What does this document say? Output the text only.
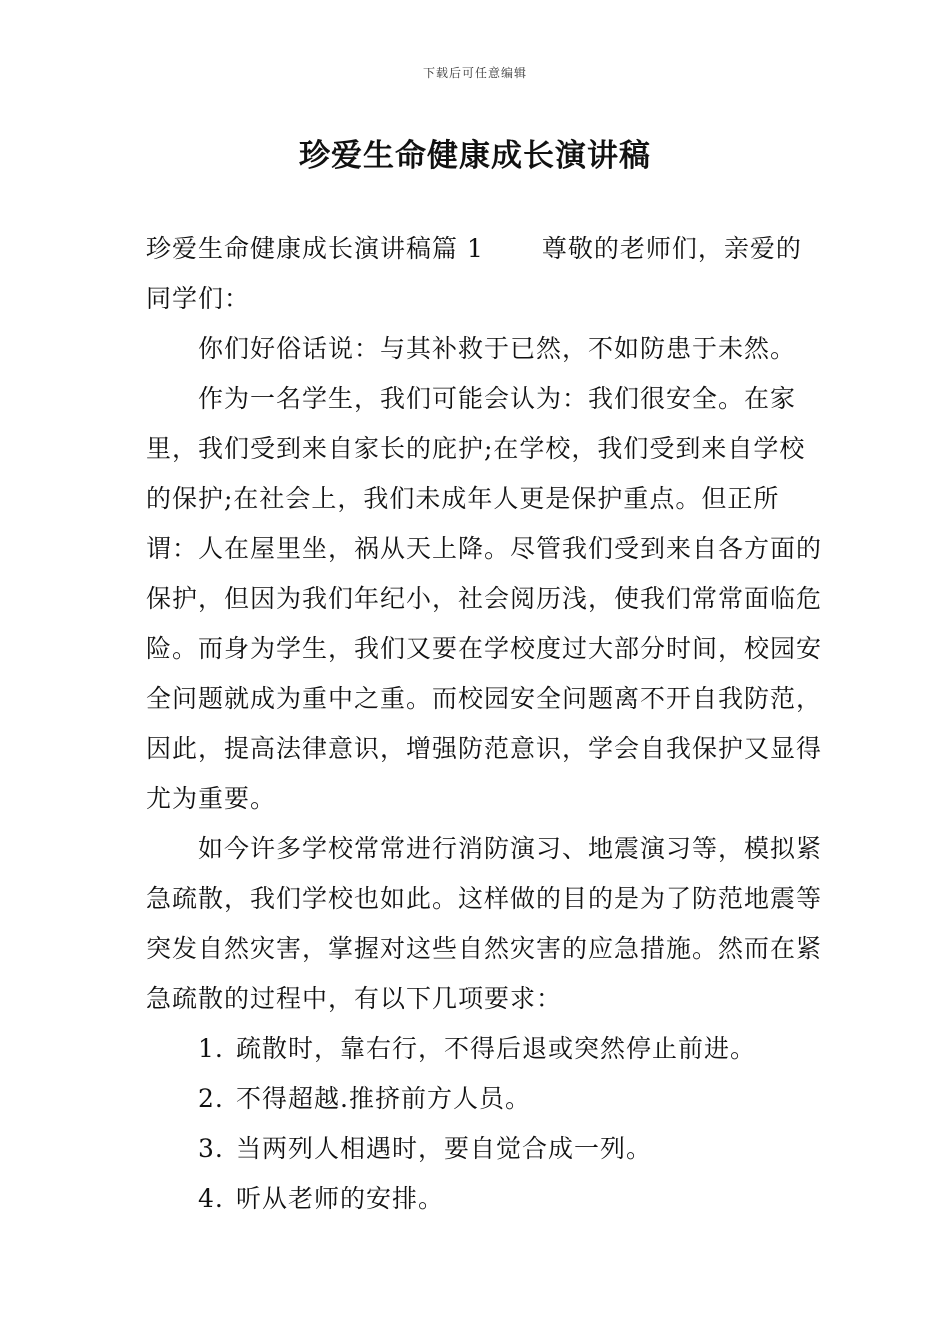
下载后可任意编辑
珍爱生命健康成长演讲稿

珍爱生命健康成长演讲稿篇 1 尊敬的老师们，亲爱的同学们：

你们好俗话说：与其补救于已然，不如防患于未然。

作为一名学生，我们可能会认为：我们很安全。在家里，我们受到来自家长的庇护;在学校，我们受到来自学校的保护;在社会上，我们未成年人更是保护重点。但正所谓：人在屋里坐，祸从天上降。尽管我们受到来自各方面的保护，但因为我们年纪小，社会阅历浅，使我们常常面临危险。而身为学生，我们又要在学校度过大部分时间，校园安全问题就成为重中之重。而校园安全问题离不开自我防范，因此，提高法律意识，增强防范意识，学会自我保护又显得尤为重要。

如今许多学校常常进行消防演习、地震演习等，模拟紧急疏散，我们学校也如此。这样做的目的是为了防范地震等突发自然灾害，掌握对这些自然灾害的应急措施。然而在紧急疏散的过程中，有以下几项要求：

1. 疏散时，靠右行，不得后退或突然停止前进。

2. 不得超越.推挤前方人员。

3. 当两列人相遇时，要自觉合成一列。

4. 听从老师的安排。
